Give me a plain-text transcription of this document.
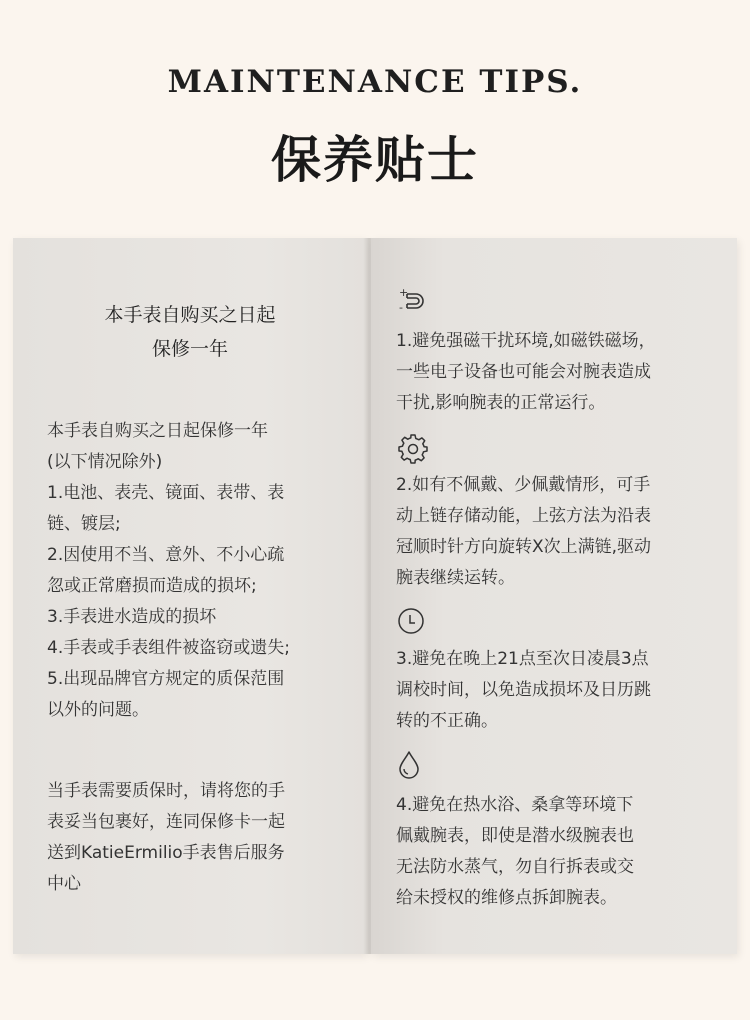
MAINTENANCE TIPS.
保养贴士
本手表自购买之日起
保修一年
本手表自购买之日起保修一年
(以下情况除外)
1.电池、表壳、镜面、表带、表
链、镀层;
2.因使用不当、意外、不小心疏
忽或正常磨损而造成的损坏;
3.手表进水造成的损坏
4.手表或手表组件被盗窃或遗失;
5.出现品牌官方规定的质保范围
以外的问题。
当手表需要质保时，请将您的手
表妥当包裹好，连同保修卡一起
送到KatieErmilio手表售后服务
中心
+
-
1.避免强磁干扰环境,如磁铁磁场，
一些电子设备也可能会对腕表造成
干扰,影响腕表的正常运行。
2.如有不佩戴、少佩戴情形，可手
动上链存储动能，上弦方法为沿表
冠顺时针方向旋转X次上满链,驱动
腕表继续运转。
3.避免在晚上21点至次日凌晨3点
调校时间，以免造成损坏及日历跳
转的不正确。
4.避免在热水浴、桑拿等环境下
佩戴腕表，即使是潜水级腕表也
无法防水蒸气，勿自行拆表或交
给未授权的维修点拆卸腕表。
